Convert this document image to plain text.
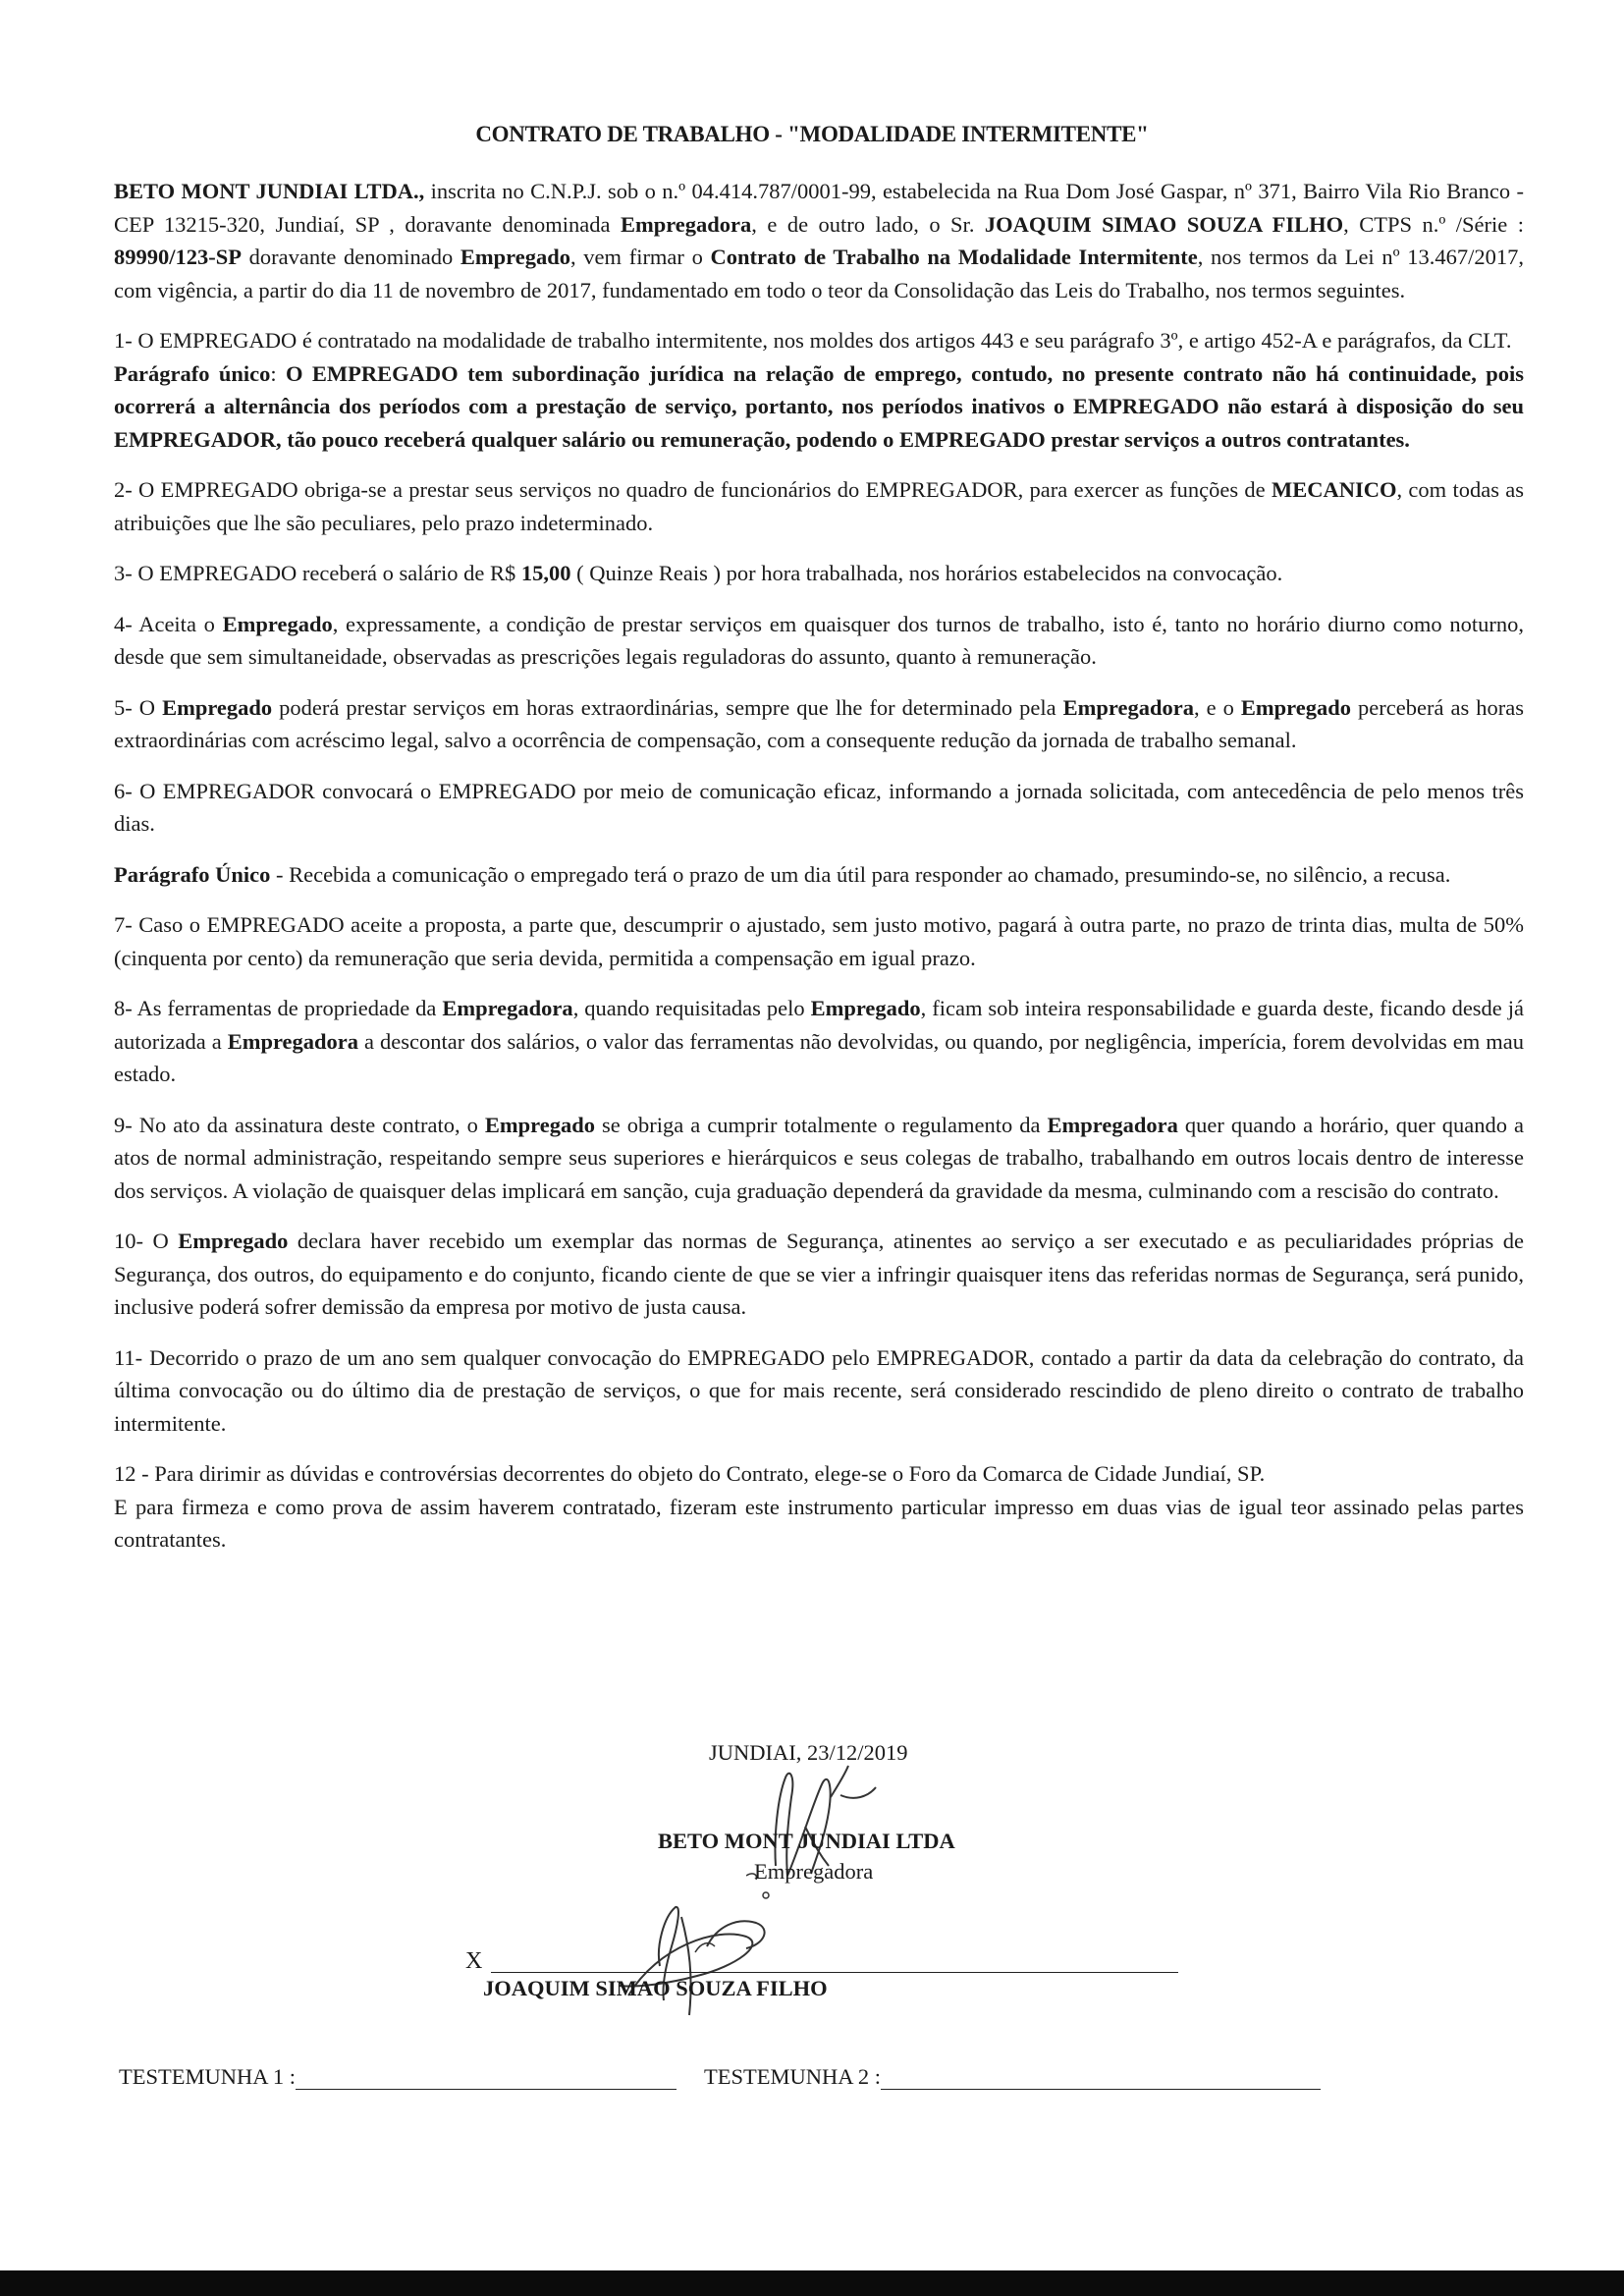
CONTRATO DE TRABALHO - "MODALIDADE INTERMITENTE"

BETO MONT JUNDIAI LTDA., inscrita no C.N.P.J. sob o n.º 04.414.787/0001-99, estabelecida na Rua Dom José Gaspar, nº 371, Bairro Vila Rio Branco - CEP 13215-320, Jundiaí, SP , doravante denominada Empregadora, e de outro lado, o Sr. JOAQUIM SIMAO SOUZA FILHO, CTPS n.º /Série : 89990/123-SP doravante denominado Empregado, vem firmar o Contrato de Trabalho na Modalidade Intermitente, nos termos da Lei nº 13.467/2017, com vigência, a partir do dia 11 de novembro de 2017, fundamentado em todo o teor da Consolidação das Leis do Trabalho, nos termos seguintes.

1- O EMPREGADO é contratado na modalidade de trabalho intermitente, nos moldes dos artigos 443 e seu parágrafo 3º, e artigo 452-A e parágrafos, da CLT.

Parágrafo único: O EMPREGADO tem subordinação jurídica na relação de emprego, contudo, no presente contrato não há continuidade, pois ocorrerá a alternância dos períodos com a prestação de serviço, portanto, nos períodos inativos o EMPREGADO não estará à disposição do seu EMPREGADOR, tão pouco receberá qualquer salário ou remuneração, podendo o EMPREGADO prestar serviços a outros contratantes.

2- O EMPREGADO obriga-se a prestar seus serviços no quadro de funcionários do EMPREGADOR, para exercer as funções de MECANICO, com todas as atribuições que lhe são peculiares, pelo prazo indeterminado.

3- O EMPREGADO receberá o salário de R$ 15,00 ( Quinze Reais ) por hora trabalhada, nos horários estabelecidos na convocação.

4- Aceita o Empregado, expressamente, a condição de prestar serviços em quaisquer dos turnos de trabalho, isto é, tanto no horário diurno como noturno, desde que sem simultaneidade, observadas as prescrições legais reguladoras do assunto, quanto à remuneração.

5- O Empregado poderá prestar serviços em horas extraordinárias, sempre que lhe for determinado pela Empregadora, e o Empregado perceberá as horas extraordinárias com acréscimo legal, salvo a ocorrência de compensação, com a consequente redução da jornada de trabalho semanal.

6- O EMPREGADOR convocará o EMPREGADO por meio de comunicação eficaz, informando a jornada solicitada, com antecedência de pelo menos três dias.

Parágrafo Único - Recebida a comunicação o empregado terá o prazo de um dia útil para responder ao chamado, presumindo-se, no silêncio, a recusa.

7- Caso o EMPREGADO aceite a proposta, a parte que, descumprir o ajustado, sem justo motivo, pagará à outra parte, no prazo de trinta dias, multa de 50% (cinquenta por cento) da remuneração que seria devida, permitida a compensação em igual prazo.

8- As ferramentas de propriedade da Empregadora, quando requisitadas pelo Empregado, ficam sob inteira responsabilidade e guarda deste, ficando desde já autorizada a Empregadora a descontar dos salários, o valor das ferramentas não devolvidas, ou quando, por negligência, imperícia, forem devolvidas em mau estado.

9- No ato da assinatura deste contrato, o Empregado se obriga a cumprir totalmente o regulamento da Empregadora quer quando a horário, quer quando a atos de normal administração, respeitando sempre seus superiores e hierárquicos e seus colegas de trabalho, trabalhando em outros locais dentro de interesse dos serviços. A violação de quaisquer delas implicará em sanção, cuja graduação dependerá da gravidade da mesma, culminando com a rescisão do contrato.

10- O Empregado declara haver recebido um exemplar das normas de Segurança, atinentes ao serviço a ser executado e as peculiaridades próprias de Segurança, dos outros, do equipamento e do conjunto, ficando ciente de que se vier a infringir quaisquer itens das referidas normas de Segurança, será punido, inclusive poderá sofrer demissão da empresa por motivo de justa causa.

11- Decorrido o prazo de um ano sem qualquer convocação do EMPREGADO pelo EMPREGADOR, contado a partir da data da celebração do contrato, da última convocação ou do último dia de prestação de serviços, o que for mais recente, será considerado rescindido de pleno direito o contrato de trabalho intermitente.

12 - Para dirimir as dúvidas e controvérsias decorrentes do objeto do Contrato, elege-se o Foro da Comarca de Cidade Jundiaí, SP.

E para firmeza e como prova de assim haverem contratado, fizeram este instrumento particular impresso em duas vias de igual teor assinado pelas partes contratantes.

JUNDIAI, 23/12/2019
BETO MONT JUNDIAI LTDA
Empregadora
X
JOAQUIM SIMAO SOUZA FILHO
TESTEMUNHA 1 :	TESTEMUNHA 2 :
